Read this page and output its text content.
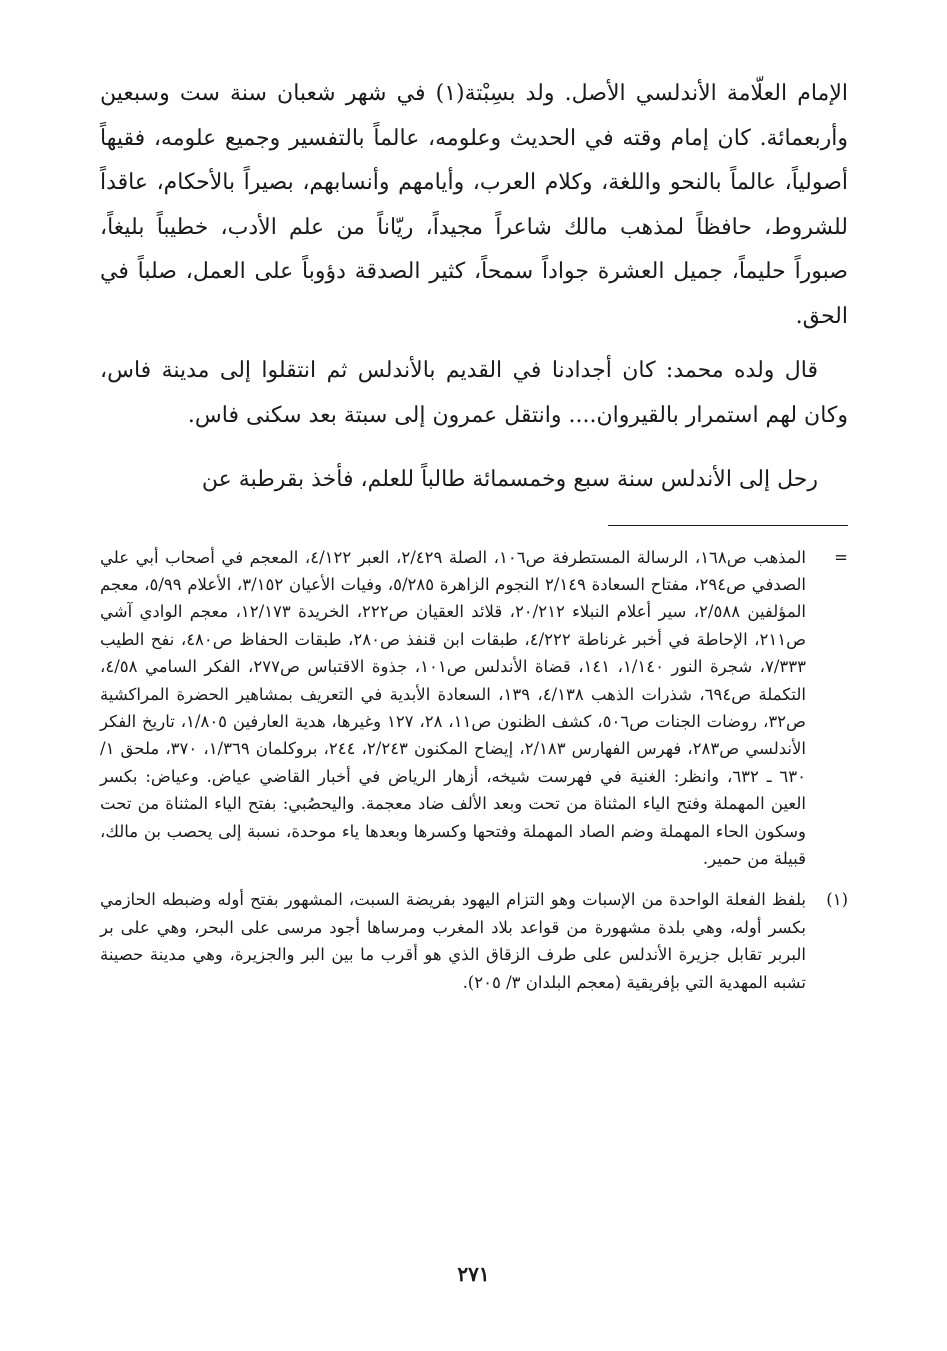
الإمام العلّامة الأندلسي الأصل. ولد بسِبْتة(١) في شهر شعبان سنة ست وسبعين وأربعمائة. كان إمام وقته في الحديث وعلومه، عالماً بالتفسير وجميع علومه، فقيهاً أصولياً، عالماً بالنحو واللغة، وكلام العرب، وأيامهم وأنسابهم، بصيراً بالأحكام، عاقداً للشروط، حافظاً لمذهب مالك شاعراً مجيداً، ريّاناً من علم الأدب، خطيباً بليغاً، صبوراً حليماً، جميل العشرة جواداً سمحاً، كثير الصدقة دؤوباً على العمل، صلباً في الحق.

قال ولده محمد: كان أجدادنا في القديم بالأندلس ثم انتقلوا إلى مدينة فاس، وكان لهم استمرار بالقيروان.... وانتقل عمرون إلى سبتة بعد سكنى فاس.

رحل إلى الأندلس سنة سبع وخمسمائة طالباً للعلم، فأخذ بقرطبة عن

=
المذهب ص١٦٨، الرسالة المستطرفة ص١٠٦، الصلة ٢/٤٢٩، العبر ٤/١٢٢، المعجم في أصحاب أبي علي الصدفي ص٢٩٤، مفتاح السعادة ٢/١٤٩ النجوم الزاهرة ٥/٢٨٥، وفيات الأعيان ٣/١٥٢، الأعلام ٥/٩٩، معجم المؤلفين ٢/٥٨٨، سير أعلام النبلاء ٢٠/٢١٢، قلائد العقيان ص٢٢٢، الخريدة ١٢/١٧٣، معجم الوادي آشي ص٢١١، الإحاطة في أخبر غرناطة ٤/٢٢٢، طبقات ابن قنفذ ص٢٨٠، طبقات الحفاظ ص٤٨٠، نفح الطيب ٧/٣٣٣، شجرة النور ١/١٤٠، ١٤١، قضاة الأندلس ص١٠١، جذوة الاقتباس ص٢٧٧، الفكر السامي ٤/٥٨، التكملة ص٦٩٤، شذرات الذهب ٤/١٣٨، ١٣٩، السعادة الأبدية في التعريف بمشاهير الحضرة المراكشية ص٣٢، روضات الجنات ص٥٠٦، كشف الظنون ص١١، ٢٨، ١٢٧ وغيرها، هدية العارفين ١/٨٠٥، تاريخ الفكر الأندلسي ص٢٨٣، فهرس الفهارس ٢/١٨٣، إيضاح المكنون ٢/٢٤٣، ٢٤٤، بروكلمان ١/٣٦٩، ٣٧٠، ملحق ١/ ٦٣٠ ـ ٦٣٢، وانظر: الغنية في فهرست شيخه، أزهار الرياض في أخبار القاضي عياض. وعياض: بكسر العين المهملة وفتح الياء المثناة من تحت وبعد الألف ضاد معجمة. واليحصُبي: بفتح الياء المثناة من تحت وسكون الحاء المهملة وضم الصاد المهملة وفتحها وكسرها وبعدها ياء موحدة، نسبة إلى يحصب بن مالك، قبيلة من حمير.
(١)
بلفظ الفعلة الواحدة من الإسبات وهو التزام اليهود بفريضة السبت، المشهور بفتح أوله وضبطه الحازمي بكسر أوله، وهي بلدة مشهورة من قواعد بلاد المغرب ومرساها أجود مرسى على البحر، وهي على بر البربر تقابل جزيرة الأندلس على طرف الزقاق الذي هو أقرب ما بين البر والجزيرة، وهي مدينة حصينة تشبه المهدية التي بإفريقية (معجم البلدان ٣/ ٢٠٥).
٢٧١
